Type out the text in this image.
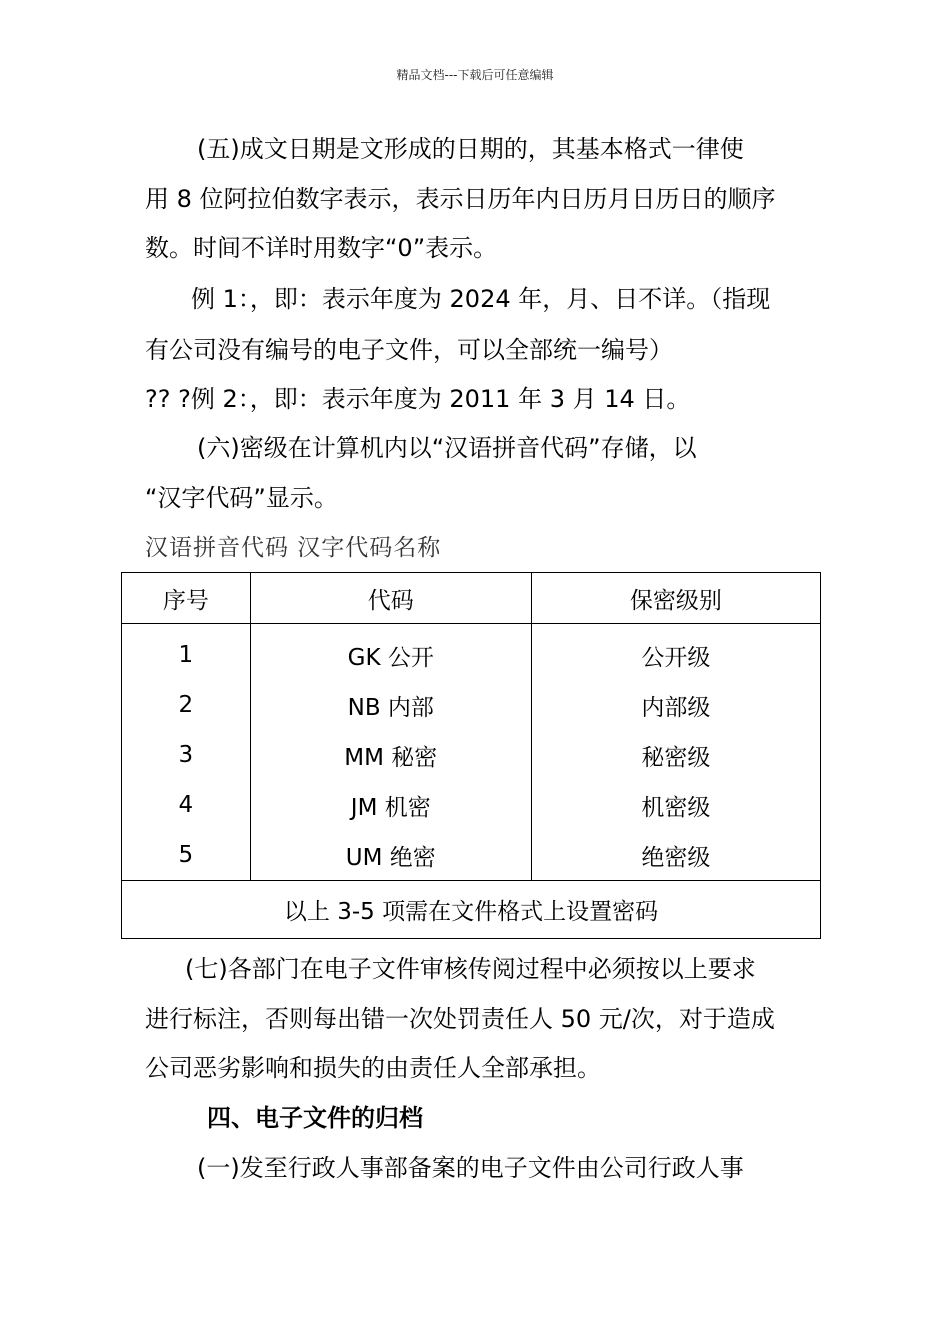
精品文档---下载后可任意编辑
(五)成文日期是文形成的日期的，其基本格式一律使
用 8 位阿拉伯数字表示，表示日历年内日历月日历日的顺序
数。时间不详时用数字“0”表示。
例 1：，即：表示年度为 2024 年，月、日不详。（指现
有公司没有编号的电子文件，可以全部统一编号）
?? ?例 2：，即：表示年度为 2011 年 3 月 14 日。
(六)密级在计算机内以“汉语拼音代码”存储，以
“汉字代码”显示。
汉语拼音代码 汉字代码名称
序号	代码	保密级别
1	GK 公开	公开级
2	NB 内部	内部级
3	MM 秘密	秘密级
4	JM 机密	机密级
5	UM 绝密	绝密级
以上 3-5 项需在文件格式上设置密码		
(七)各部门在电子文件审核传阅过程中必须按以上要求
进行标注，否则每出错一次处罚责任人 50 元/次，对于造成
公司恶劣影响和损失的由责任人全部承担。
四、电子文件的归档
(一)发至行政人事部备案的电子文件由公司行政人事
